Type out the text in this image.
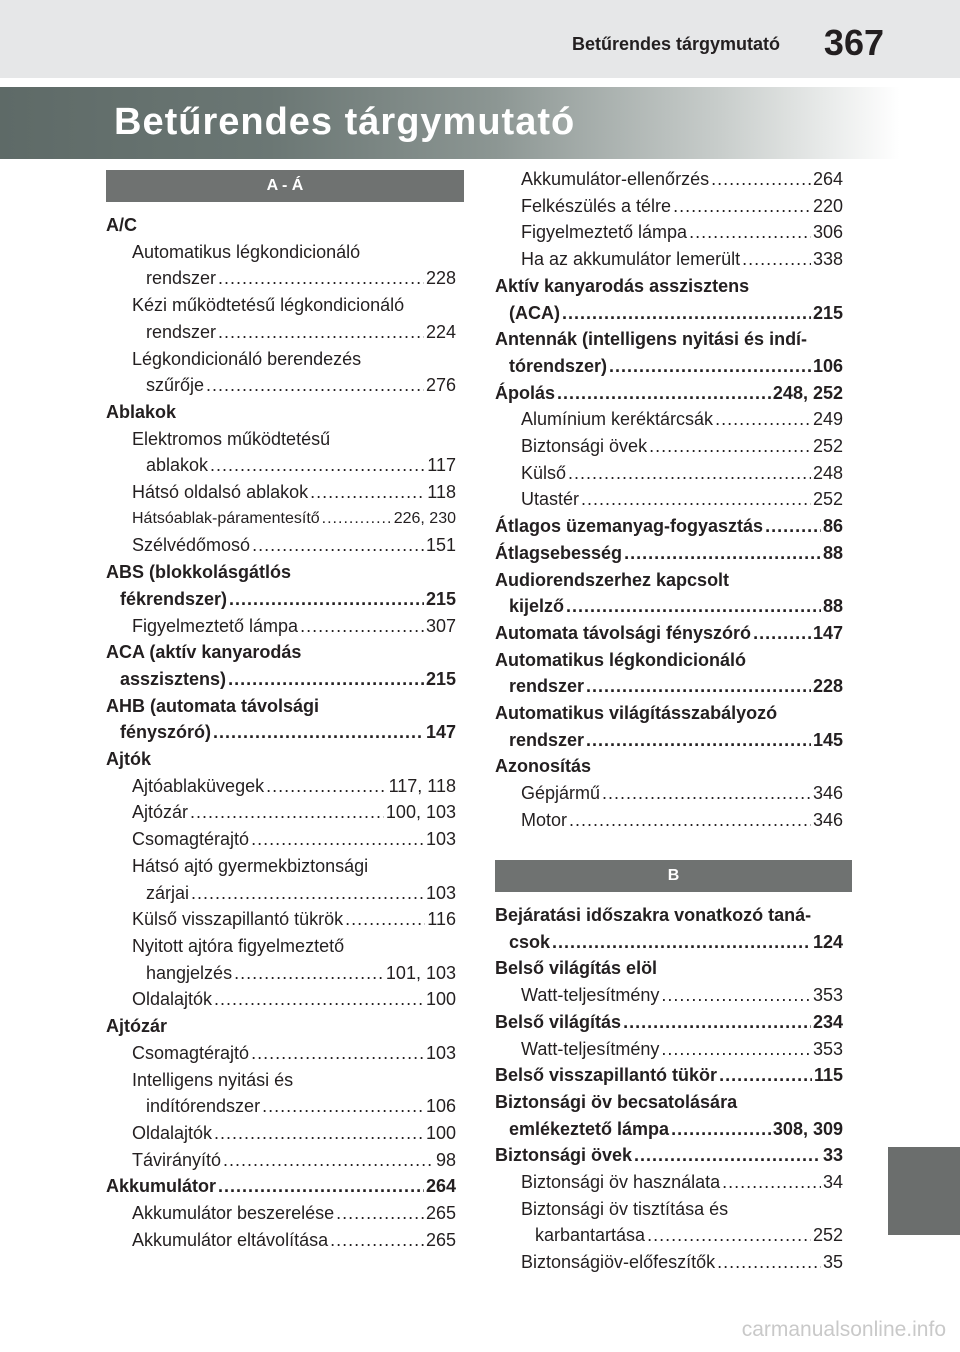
Betűrendes tárgymutató 367
Betűrendes tárgymutató
A - Á
A/C
Automatikus légkondicionáló
rendszer .....	228
Kézi működtetésű légkondicionáló
rendszer .....	224
Légkondicionáló berendezés
szűrője .....	276
Ablakok
Elektromos működtetésű
ablakok .....	117
Hátsó oldalsó ablakok .....	118
Hátsóablak-páramentesítő .....	226, 230
Szélvédőmosó .....	151
ABS (blokkolásgátlós
fékrendszer) .....	215
Figyelmeztető lámpa .....	307
ACA (aktív kanyarodás
asszisztens) .....	215
AHB (automata távolsági
fényszóró) .....	147
Ajtók
Ajtóablaküvegek .....	117, 118
Ajtózár .....	100, 103
Csomagtérajtó .....	103
Hátsó ajtó gyermekbiztonsági
zárjai .....	103
Külső visszapillantó tükrök .....	116
Nyitott ajtóra figyelmeztető
hangjelzés .....	101, 103
Oldalajtók .....	100
Ajtózár
Csomagtérajtó .....	103
Intelligens nyitási és
indítórendszer .....	106
Oldalajtók .....	100
Távirányító .....	98
Akkumulátor .....	264
Akkumulátor beszerelése .....	265
Akkumulátor eltávolítása .....	265
Akkumulátor-ellenőrzés .....	264
Felkészülés a télre .....	220
Figyelmeztető lámpa .....	306
Ha az akkumulátor lemerült .....	338
Aktív kanyarodás asszisztens
(ACA) .....	215
Antennák (intelligens nyitási és indí-
tórendszer) .....	106
Ápolás .....	248, 252
Alumínium keréktárcsák .....	249
Biztonsági övek .....	252
Külső .....	248
Utastér .....	252
Átlagos üzemanyag-fogyasztás .....	86
Átlagsebesség .....	88
Audiorendszerhez kapcsolt
kijelző .....	88
Automata távolsági fényszóró .....	147
Automatikus légkondicionáló
rendszer .....	228
Automatikus világításszabályozó
rendszer .....	145
Azonosítás
Gépjármű .....	346
Motor .....	346
B
Bejáratási időszakra vonatkozó taná-
csok .....	124
Belső világítás elöl
Watt-teljesítmény .....	353
Belső világítás .....	234
Watt-teljesítmény .....	353
Belső visszapillantó tükör .....	115
Biztonsági öv becsatolására
emlékeztető lámpa .....	308, 309
Biztonsági övek .....	33
Biztonsági öv használata .....	34
Biztonsági öv tisztítása és
karbantartása .....	252
Biztonságiöv-előfeszítők .....	35
carmanualsonline.info
